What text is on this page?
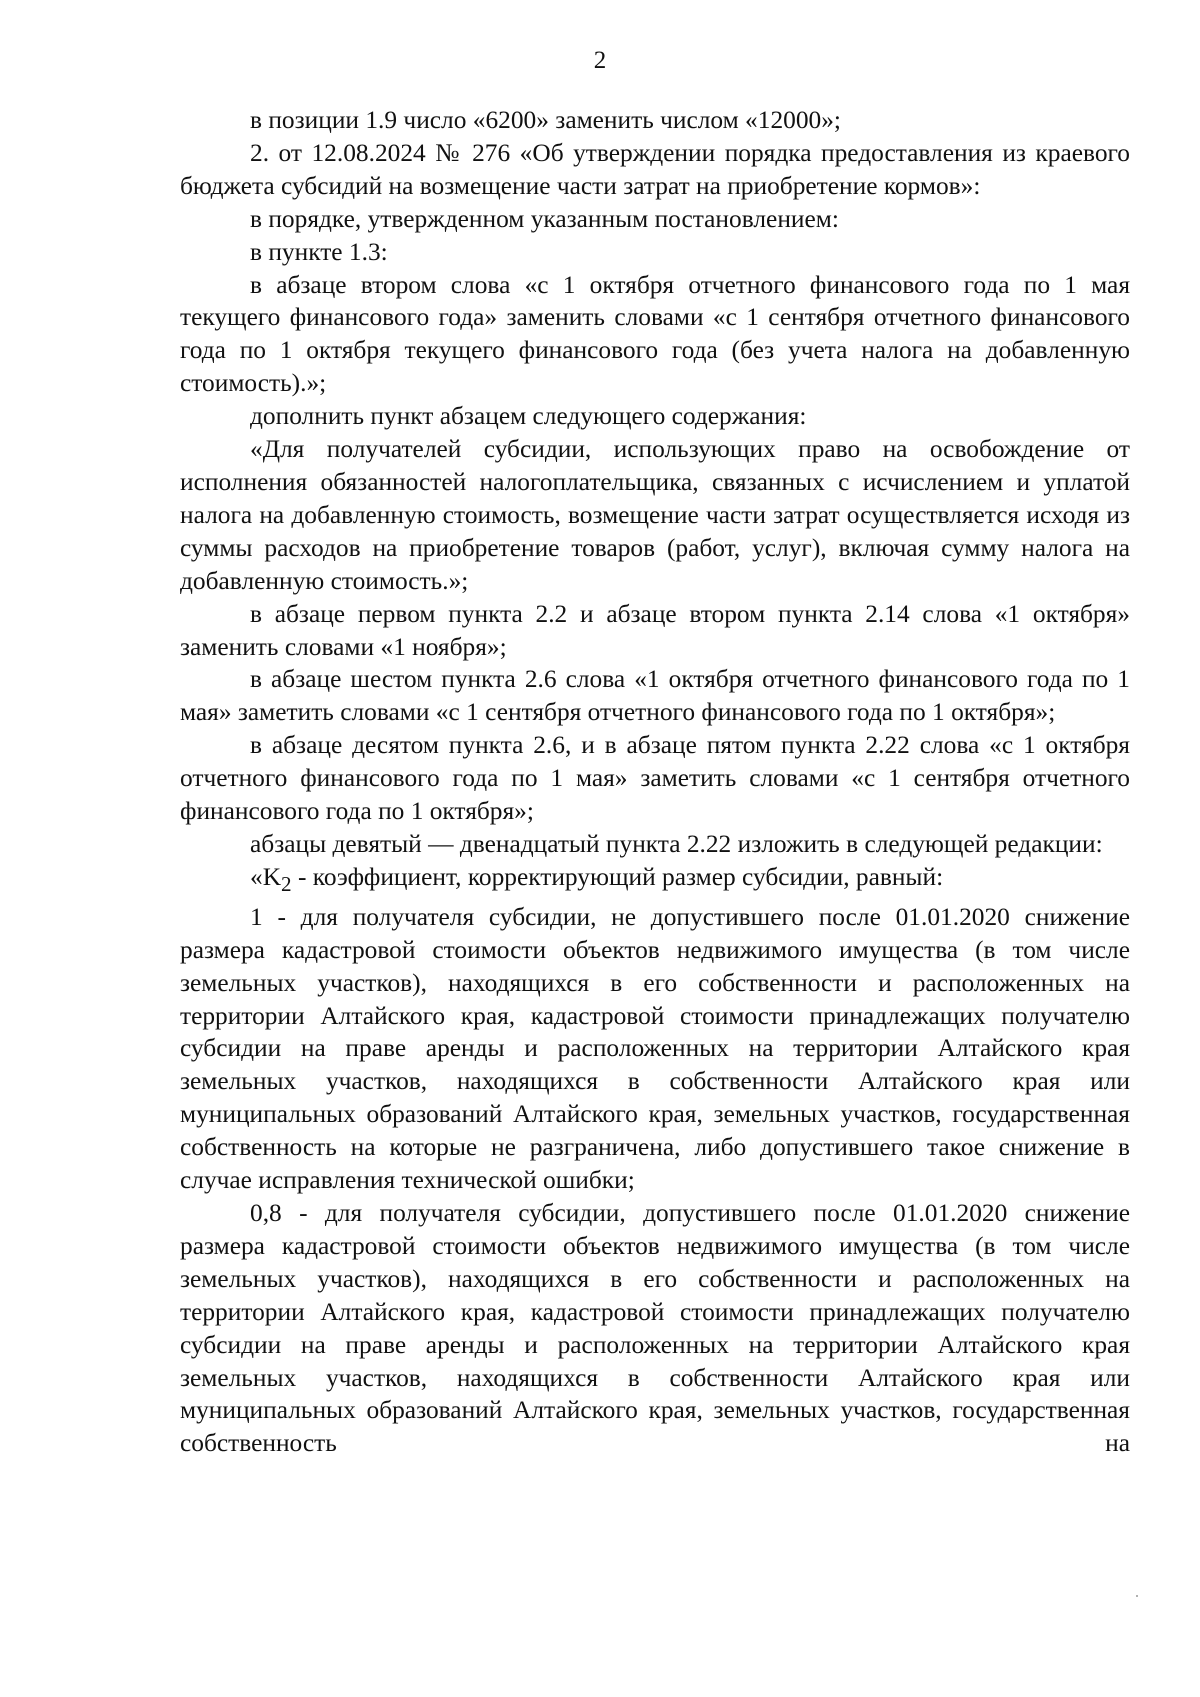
2

в позиции 1.9 число «6200» заменить числом «12000»;

2. от 12.08.2024 № 276 «Об утверждении порядка предоставления из краевого бюджета субсидий на возмещение части затрат на приобретение кормов»:

в порядке, утвержденном указанным постановлением:

в пункте 1.3:

в абзаце втором слова «с 1 октября отчетного финансового года по 1 мая текущего финансового года» заменить словами «с 1 сентября отчетного финансового года по 1 октября текущего финансового года (без учета налога на добавленную стоимость).»;

дополнить пункт абзацем следующего содержания:

«Для получателей субсидии, использующих право на освобождение от исполнения обязанностей налогоплательщика, связанных с исчислением и уплатой налога на добавленную стоимость, возмещение части затрат осуществляется исходя из суммы расходов на приобретение товаров (работ, услуг), включая сумму налога на добавленную стоимость.»;

в абзаце первом пункта 2.2 и абзаце втором пункта 2.14 слова «1 октября» заменить словами «1 ноября»;

в абзаце шестом пункта 2.6 слова «1 октября отчетного финансового года по 1 мая» заметить словами «с 1 сентября отчетного финансового года по 1 октября»;

в абзаце десятом пункта 2.6, и в абзаце пятом пункта 2.22 слова «с 1 октября отчетного финансового года по 1 мая» заметить словами «с 1 сентября отчетного финансового года по 1 октября»;

абзацы девятый — двенадцатый пункта 2.22 изложить в следующей редакции:

«$K_2$ - коэффициент, корректирующий размер субсидии, равный:

1 - для получателя субсидии, не допустившего после 01.01.2020 снижение размера кадастровой стоимости объектов недвижимого имущества (в том числе земельных участков), находящихся в его собственности и расположенных на территории Алтайского края, кадастровой стоимости принадлежащих получателю субсидии на праве аренды и расположенных на территории Алтайского края земельных участков, находящихся в собственности Алтайского края или муниципальных образований Алтайского края, земельных участков, государственная собственность на которые не разграничена, либо допустившего такое снижение в случае исправления технической ошибки;

0,8 - для получателя субсидии, допустившего после 01.01.2020 снижение размера кадастровой стоимости объектов недвижимого имущества (в том числе земельных участков), находящихся в его собственности и расположенных на территории Алтайского края, кадастровой стоимости принадлежащих получателю субсидии на праве аренды и расположенных на территории Алтайского края земельных участков, находящихся в собственности Алтайского края или муниципальных образований Алтайского края, земельных участков, государственная собственность на
